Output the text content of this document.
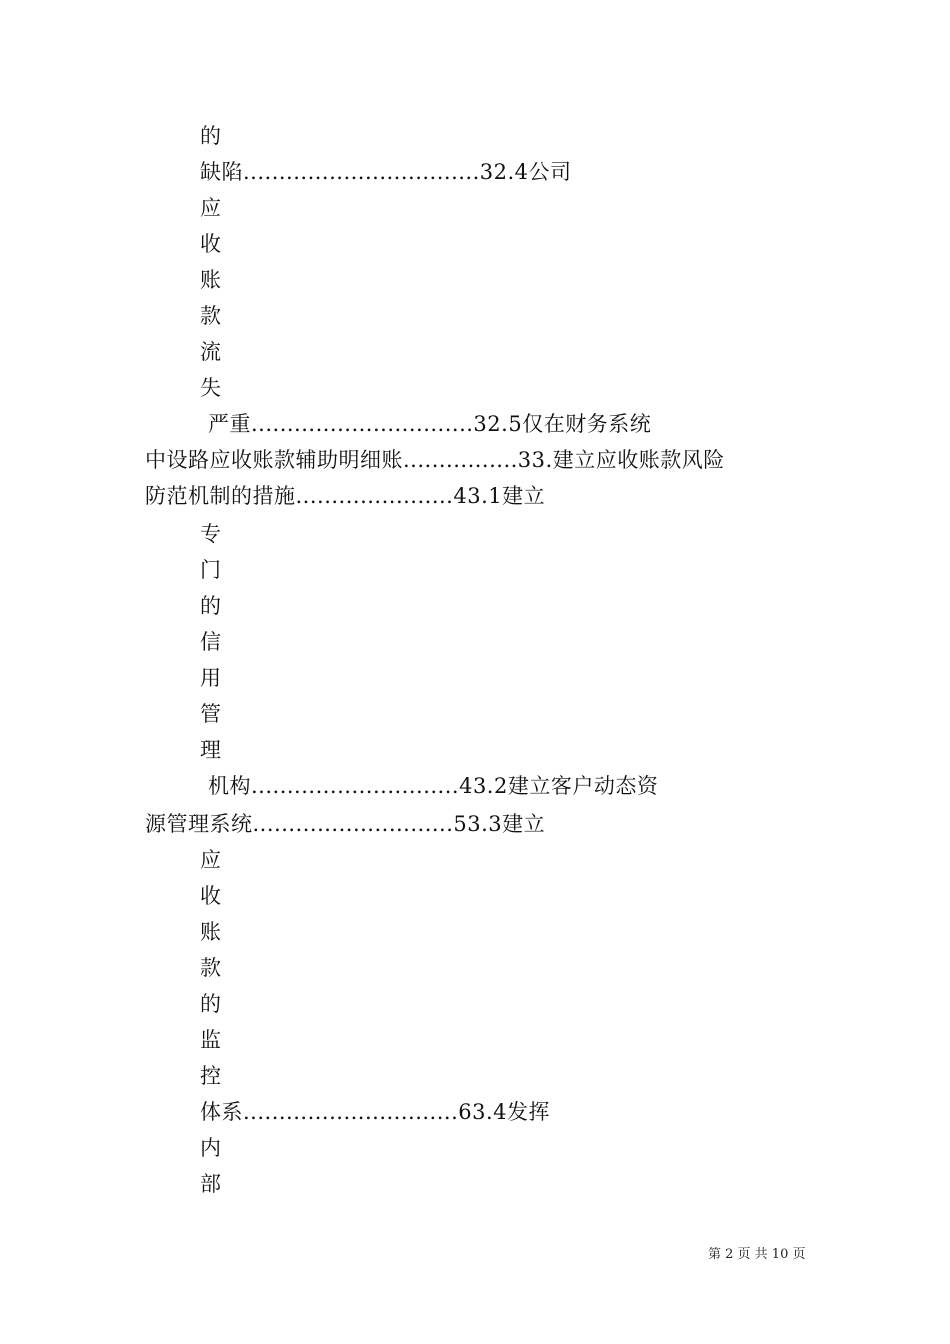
的
缺陷.................................32.4公司
应
收
账
款
流
失
严重...............................32.5仅在财务系统
中设路应收账款辅助明细账................33.建立应收账款风险
防范机制的措施......................43.1建立
专
门
的
信
用
管
理
机构.............................43.2建立客户动态资
源管理系统............................53.3建立
应
收
账
款
的
监
控
体系..............................63.4发挥
内
部
第 2 页 共 10 页
